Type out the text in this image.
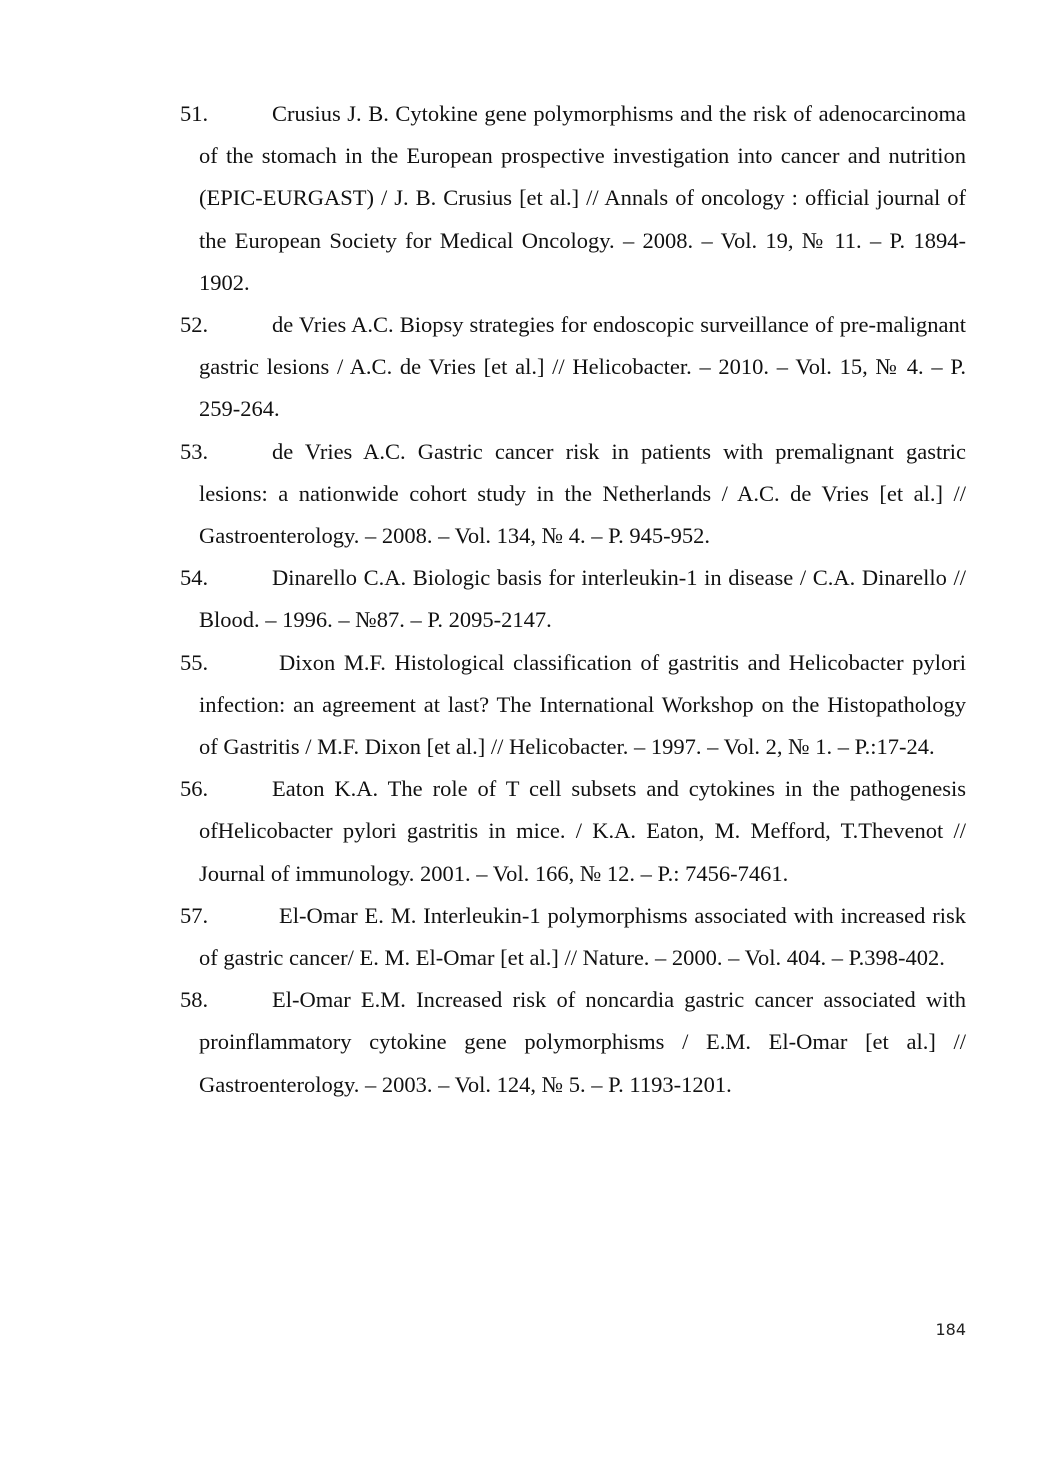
51.	Crusius J. B. Cytokine gene polymorphisms and the risk of adenocarcinoma of the stomach in the European prospective investigation into cancer and nutrition (EPIC-EURGAST) / J. B. Crusius [et al.] // Annals of oncology : official journal of the European Society for Medical Oncology. – 2008. – Vol. 19, № 11. – P. 1894-1902.
52.	de Vries A.C. Biopsy strategies for endoscopic surveillance of pre-malignant gastric lesions / A.C. de Vries [et al.] // Helicobacter. – 2010. – Vol. 15, № 4. – P. 259-264.
53.	de Vries A.C. Gastric cancer risk in patients with premalignant gastric lesions: a nationwide cohort study in the Netherlands / A.C. de Vries [et al.] // Gastroenterology. – 2008. – Vol. 134, № 4. – P. 945-952.
54.	Dinarello C.A. Biologic basis for interleukin-1 in disease / C.A. Dinarello // Blood. – 1996. – №87. – P. 2095-2147.
55.	Dixon M.F. Histological classification of gastritis and Helicobacter pylori infection: an agreement at last? The International Workshop on the Histopathology of Gastritis / M.F. Dixon [et al.] // Helicobacter. – 1997. – Vol. 2, № 1. – P.:17-24.
56.	Eaton K.A. The role of T cell subsets and cytokines in the pathogenesis ofHelicobacter pylori gastritis in mice. / K.A. Eaton, M. Mefford, T.Thevenot // Journal of immunology. 2001. – Vol. 166, № 12. – P.: 7456-7461.
57.	El-Omar E. M. Interleukin-1 polymorphisms associated with increased risk of gastric cancer/ E. M. El-Omar [et al.] // Nature. – 2000. – Vol. 404. – P.398-402.
58.	El-Omar E.M. Increased risk of noncardia gastric cancer associated with proinflammatory cytokine gene polymorphisms / E.M. El-Omar [et al.] // Gastroenterology. – 2003. – Vol. 124, № 5. – P. 1193-1201.
184
